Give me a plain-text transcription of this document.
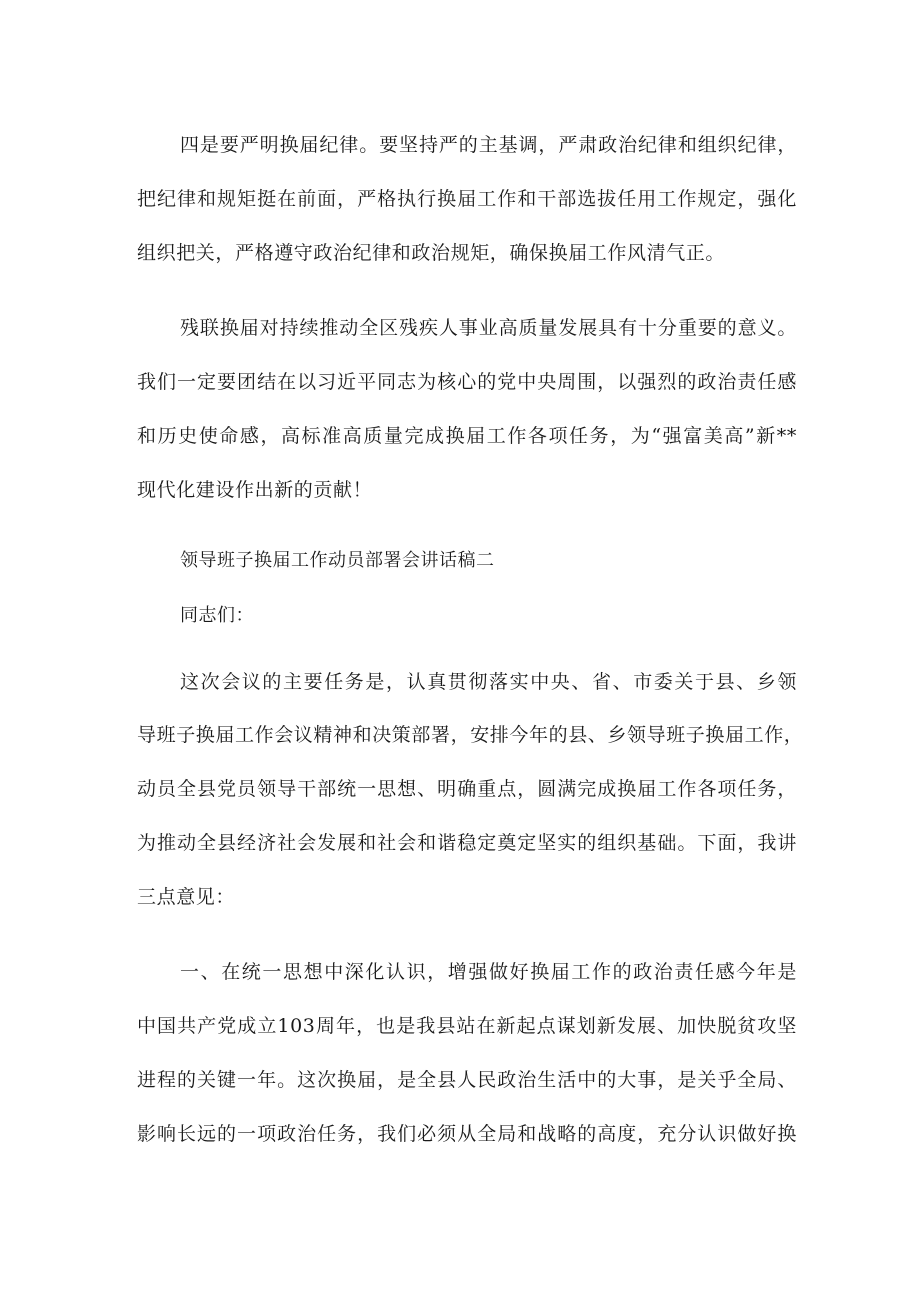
四是要严明换届纪律。要坚持严的主基调，严肃政治纪律和组织纪律，
把纪律和规矩挺在前面，严格执行换届工作和干部选拔任用工作规定，强化
组织把关，严格遵守政治纪律和政治规矩，确保换届工作风清气正。
残联换届对持续推动全区残疾人事业高质量发展具有十分重要的意义。
我们一定要团结在以习近平同志为核心的党中央周围，以强烈的政治责任感
和历史使命感，高标准高质量完成换届工作各项任务，为“强富美高”新**
现代化建设作出新的贡献！
领导班子换届工作动员部署会讲话稿二
同志们：
这次会议的主要任务是，认真贯彻落实中央、省、市委关于县、乡领
导班子换届工作会议精神和决策部署，安排今年的县、乡领导班子换届工作，
动员全县党员领导干部统一思想、明确重点，圆满完成换届工作各项任务，
为推动全县经济社会发展和社会和谐稳定奠定坚实的组织基础。下面，我讲
三点意见：
一、在统一思想中深化认识，增强做好换届工作的政治责任感今年是
中国共产党成立103周年，也是我县站在新起点谋划新发展、加快脱贫攻坚
进程的关键一年。这次换届，是全县人民政治生活中的大事，是关乎全局、
影响长远的一项政治任务，我们必须从全局和战略的高度，充分认识做好换
